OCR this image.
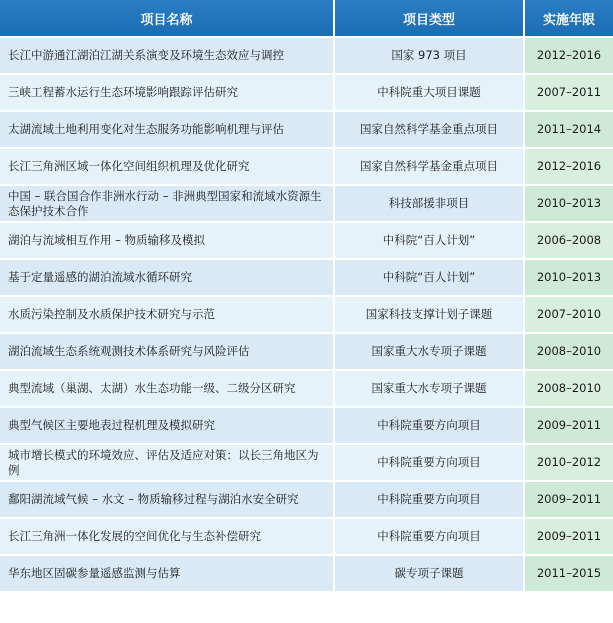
项目名称	项目类型	实施年限
长江中游通江湖泊江湖关系演变及环境生态效应与调控	国家 973 项目	2012–2016
三峡工程蓄水运行生态环境影响跟踪评估研究	中科院重大项目课题	2007–2011
太湖流域土地利用变化对生态服务功能影响机理与评估	国家自然科学基金重点项目	2011–2014
长江三角洲区域一体化空间组织机理及优化研究	国家自然科学基金重点项目	2012–2016
中国 – 联合国合作非洲水行动 – 非洲典型国家和流域水资源生态保护技术合作	科技部援非项目	2010–2013
湖泊与流域相互作用 – 物质输移及模拟	中科院“百人计划”	2006–2008
基于定量遥感的湖泊流域水循环研究	中科院“百人计划”	2010–2013
水质污染控制及水质保护技术研究与示范	国家科技支撑计划子课题	2007–2010
湖泊流域生态系统观测技术体系研究与风险评估	国家重大水专项子课题	2008–2010
典型流域（巢湖、太湖）水生态功能一级、二级分区研究	国家重大水专项子课题	2008–2010
典型气候区主要地表过程机理及模拟研究	中科院重要方向项目	2009–2011
城市增长模式的环境效应、评估及适应对策：以长三角地区为例	中科院重要方向项目	2010–2012
鄱阳湖流域气候 – 水文 – 物质输移过程与湖泊水安全研究	中科院重要方向项目	2009–2011
长江三角洲一体化发展的空间优化与生态补偿研究	中科院重要方向项目	2009–2011
华东地区固碳参量遥感监测与估算	碳专项子课题	2011–2015
